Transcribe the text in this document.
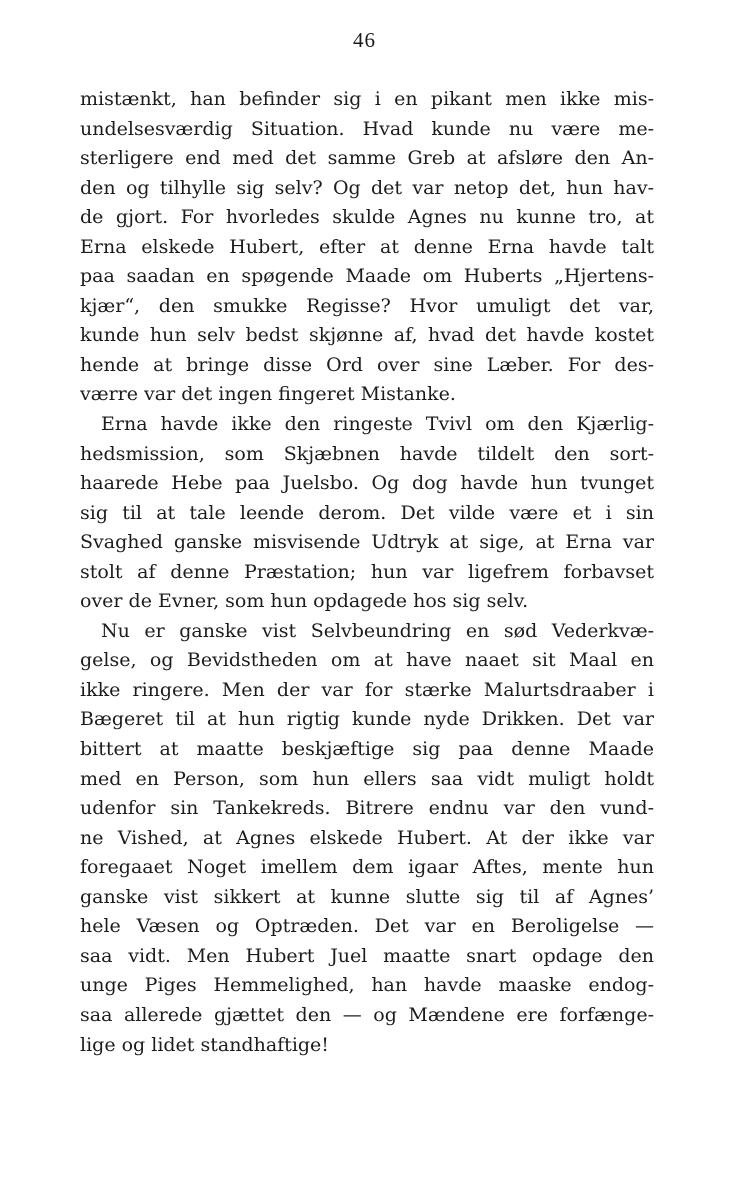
46
mistænkt, han befinder sig i en pikant men ikke mis-
undelsesværdig Situation. Hvad kunde nu være me-
sterligere end med det samme Greb at afsløre den An-
den og tilhylle sig selv? Og det var netop det, hun hav-
de gjort. For hvorledes skulde Agnes nu kunne tro, at
Erna elskede Hubert, efter at denne Erna havde talt
paa saadan en spøgende Maade om Huberts „Hjertens-
kjær“, den smukke Regisse? Hvor umuligt det var,
kunde hun selv bedst skjønne af, hvad det havde kostet
hende at bringe disse Ord over sine Læber. For des-
værre var det ingen fingeret Mistanke.
Erna havde ikke den ringeste Tvivl om den Kjærlig-
hedsmission, som Skjæbnen havde tildelt den sort-
haarede Hebe paa Juelsbo. Og dog havde hun tvunget
sig til at tale leende derom. Det vilde være et i sin
Svaghed ganske misvisende Udtryk at sige, at Erna var
stolt af denne Præstation; hun var ligefrem forbavset
over de Evner, som hun opdagede hos sig selv.
Nu er ganske vist Selvbeundring en sød Vederkvæ-
gelse, og Bevidstheden om at have naaet sit Maal en
ikke ringere. Men der var for stærke Malurtsdraaber i
Bægeret til at hun rigtig kunde nyde Drikken. Det var
bittert at maatte beskjæftige sig paa denne Maade
med en Person, som hun ellers saa vidt muligt holdt
udenfor sin Tankekreds. Bitrere endnu var den vund-
ne Vished, at Agnes elskede Hubert. At der ikke var
foregaaet Noget imellem dem igaar Aftes, mente hun
ganske vist sikkert at kunne slutte sig til af Agnes’
hele Væsen og Optræden. Det var en Beroligelse —
saa vidt. Men Hubert Juel maatte snart opdage den
unge Piges Hemmelighed, han havde maaske endog-
saa allerede gjættet den — og Mændene ere forfænge-
lige og lidet standhaftige!
